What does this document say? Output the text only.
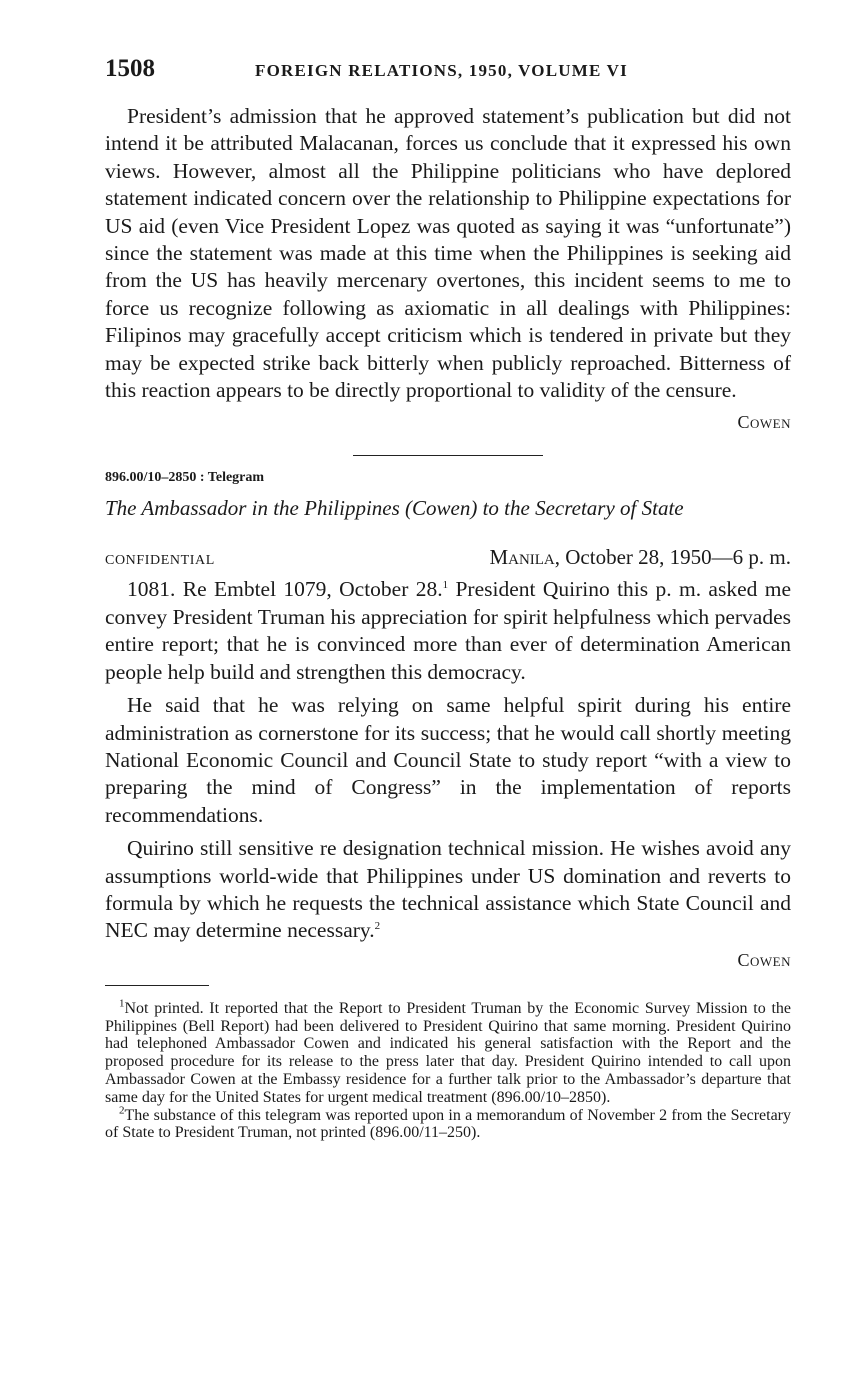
1508	FOREIGN RELATIONS, 1950, VOLUME VI

President’s admission that he approved statement’s publication but did not intend it be attributed Malacanan, forces us conclude that it expressed his own views. However, almost all the Philippine politicians who have deplored statement indicated concern over the relationship to Philippine expectations for US aid (even Vice President Lopez was quoted as saying it was “unfortunate”) since the statement was made at this time when the Philippines is seeking aid from the US has heavily mercenary overtones, this incident seems to me to force us recognize following as axiomatic in all dealings with Philippines: Filipinos may gracefully accept criticism which is tendered in private but they may be expected strike back bitterly when publicly reproached. Bitterness of this reaction appears to be directly proportional to validity of the censure.

Cowen
896.00/10–2850 : Telegram
The Ambassador in the Philippines (Cowen) to the Secretary of State
CONFIDENTIAL	Manila, October 28, 1950—6 p. m.

1081. Re Embtel 1079, October 28.$^1$ President Quirino this p. m. asked me convey President Truman his appreciation for spirit helpfulness which pervades entire report; that he is convinced more than ever of determination American people help build and strengthen this democracy.

He said that he was relying on same helpful spirit during his entire administration as cornerstone for its success; that he would call shortly meeting National Economic Council and Council State to study report “with a view to preparing the mind of Congress” in the implementation of reports recommendations.

Quirino still sensitive re designation technical mission. He wishes avoid any assumptions world-wide that Philippines under US domination and reverts to formula by which he requests the technical assistance which State Council and NEC may determine necessary.$^2$

Cowen

$^1$Not printed. It reported that the Report to President Truman by the Economic Survey Mission to the Philippines (Bell Report) had been delivered to President Quirino that same morning. President Quirino had telephoned Ambassador Cowen and indicated his general satisfaction with the Report and the proposed procedure for its release to the press later that day. President Quirino intended to call upon Ambassador Cowen at the Embassy residence for a further talk prior to the Ambassador’s departure that same day for the United States for urgent medical treatment (896.00/10–2850).

$^2$The substance of this telegram was reported upon in a memorandum of November 2 from the Secretary of State to President Truman, not printed (896.00/11–250).
